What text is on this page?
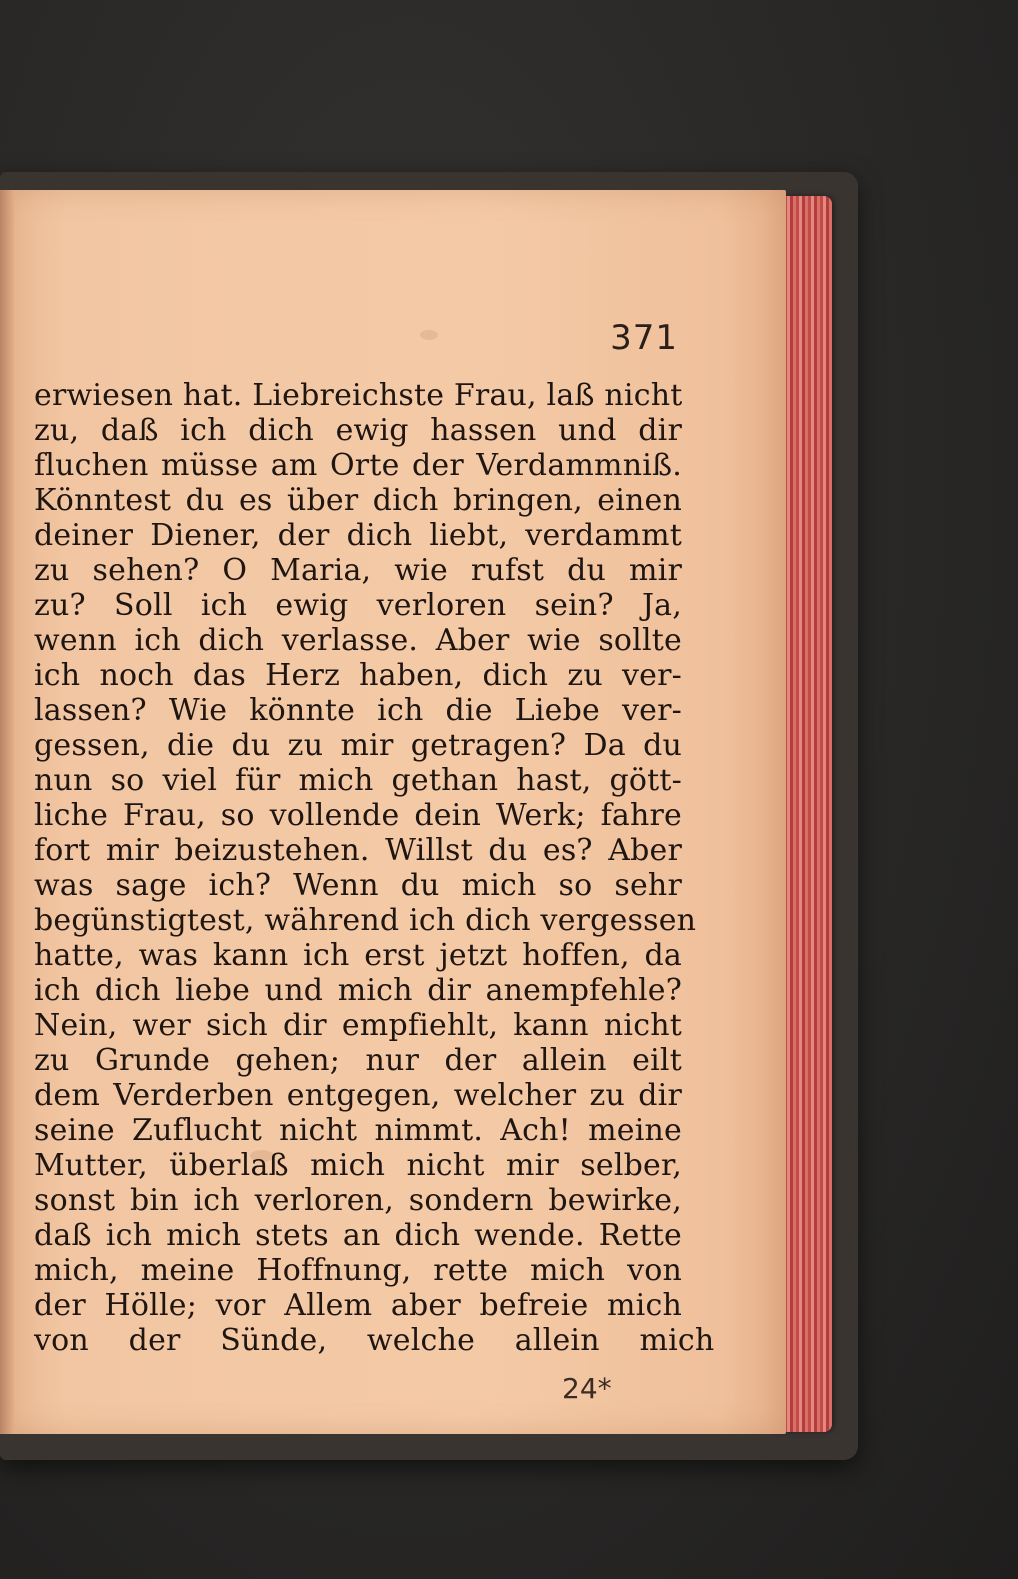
371
erwiesen hat. Liebreichste Frau, laß nicht
zu, daß ich dich ewig hassen und dir
fluchen müsse am Orte der Verdammniß.
Könntest du es über dich bringen, einen
deiner Diener, der dich liebt, verdammt
zu sehen? O Maria, wie rufst du mir
zu? Soll ich ewig verloren sein? Ja,
wenn ich dich verlasse. Aber wie sollte
ich noch das Herz haben, dich zu ver-
lassen? Wie könnte ich die Liebe ver-
gessen, die du zu mir getragen? Da du
nun so viel für mich gethan hast, gött-
liche Frau, so vollende dein Werk; fahre
fort mir beizustehen. Willst du es? Aber
was sage ich? Wenn du mich so sehr
begünstigtest, während ich dich vergessen
hatte, was kann ich erst jetzt hoffen, da
ich dich liebe und mich dir anempfehle?
Nein, wer sich dir empfiehlt, kann nicht
zu Grunde gehen; nur der allein eilt
dem Verderben entgegen, welcher zu dir
seine Zuflucht nicht nimmt. Ach! meine
Mutter, überlaß mich nicht mir selber,
sonst bin ich verloren, sondern bewirke,
daß ich mich stets an dich wende. Rette
mich, meine Hoffnung, rette mich von
der Hölle; vor Allem aber befreie mich
von der Sünde, welche allein mich
24*
